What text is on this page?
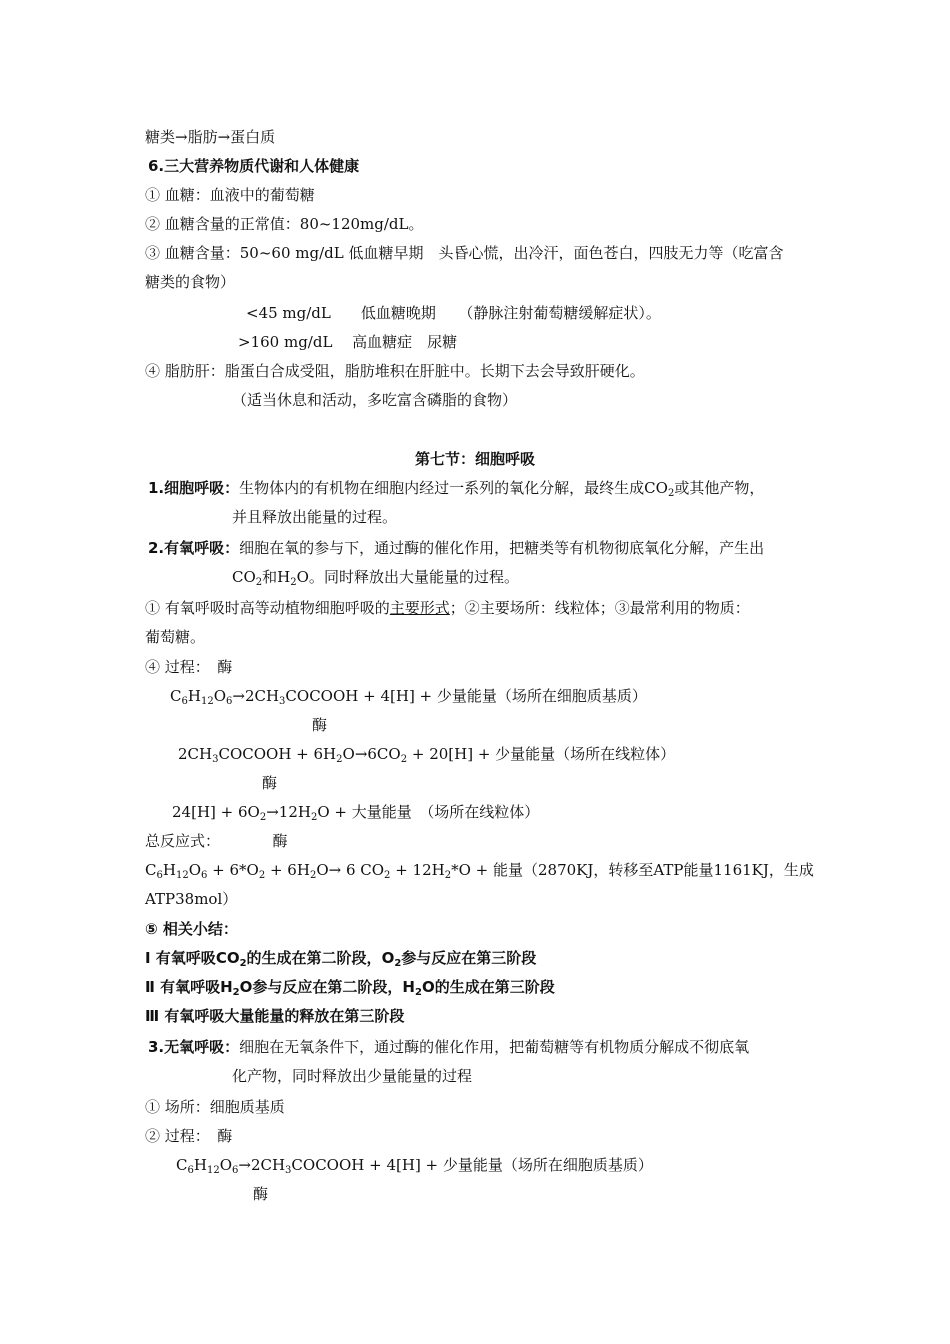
糖类→脂肪→蛋白质
6.三大营养物质代谢和人体健康
① 血糖：血液中的葡萄糖
② 血糖含量的正常值：80~120mg/dL。
③ 血糖含量：50~60 mg/dL 低血糖早期　头昏心慌，出冷汗，面色苍白，四肢无力等（吃富含
糖类的食物）
<45 mg/dL　　低血糖晚期　　（静脉注射葡萄糖缓解症状）。
>160 mg/dL　 高血糖症　尿糖
④ 脂肪肝：脂蛋白合成受阻，脂肪堆积在肝脏中。长期下去会导致肝硬化。
（适当休息和活动，多吃富含磷脂的食物）
第七节：细胞呼吸
1.细胞呼吸：生物体内的有机物在细胞内经过一系列的氧化分解，最终生成$CO_2$或其他产物，
并且释放出能量的过程。
2.有氧呼吸：细胞在氧的参与下，通过酶的催化作用，把糖类等有机物彻底氧化分解，产生出
$CO_2$和$H_2O$。同时释放出大量能量的过程。
① 有氧呼吸时高等动植物细胞呼吸的主要形式；②主要场所：线粒体；③最常利用的物质：
葡萄糖。
④ 过程：　酶
$C_6H_{12}O_6\to 2CH_3COCOOH + 4[H]$ + 少量能量（场所在细胞质基质）
酶
$2CH_3COCOOH + 6H_2O\to 6CO_2 + 20[H]$ + 少量能量（场所在线粒体）
酶
$24[H] + 6O_2\to 12H_2O$ + 大量能量　（场所在线粒体）
总反应式：　　　　酶
$C_6H_{12}O_6 + 6*O_2 + 6H_2O\to 6$ $CO_2 + 12H_2*O$ + 能量（2870KJ，转移至ATP能量1161KJ，生成
ATP38mol）
⑤ 相关小结：
Ⅰ 有氧呼吸$CO_2$的生成在第二阶段，$O_2$参与反应在第三阶段
Ⅱ 有氧呼吸$H_2O$参与反应在第二阶段，$H_2O$的生成在第三阶段
Ⅲ 有氧呼吸大量能量的释放在第三阶段
3.无氧呼吸：细胞在无氧条件下，通过酶的催化作用，把葡萄糖等有机物质分解成不彻底氧
化产物，同时释放出少量能量的过程
① 场所：细胞质基质
② 过程：　酶
$C_6H_{12}O_6\to 2CH_3COCOOH + 4[H]$ + 少量能量（场所在细胞质基质）
酶
